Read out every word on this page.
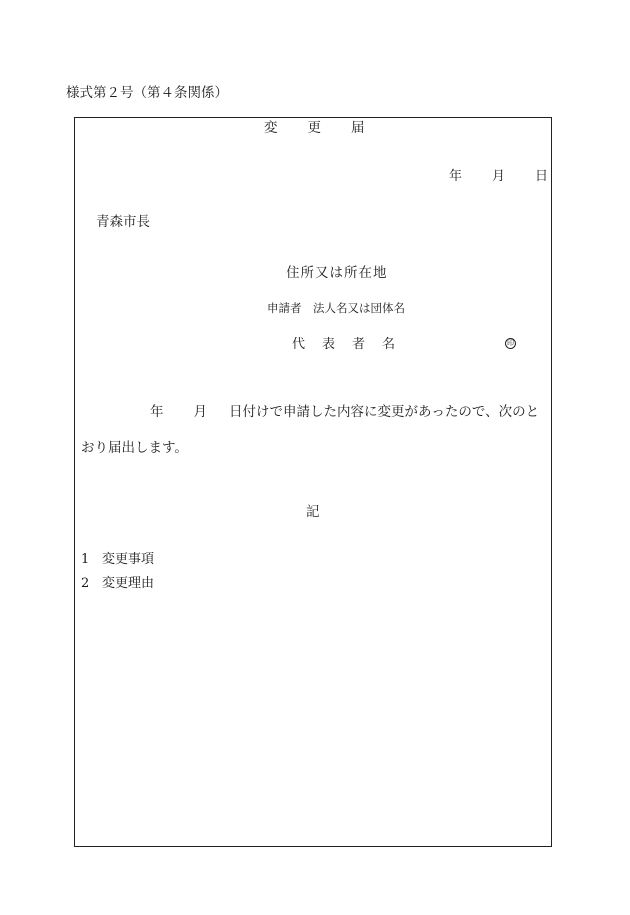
様式第２号（第４条関係）
変 更 届
年 月 日
青森市長
住所又は所在地
申請者　法人名又は団体名
代 表 者 名	印
年 月 日付けで申請した内容に変更があったので、次のと
おり届出します。
記
1 変更事項
2 変更理由
